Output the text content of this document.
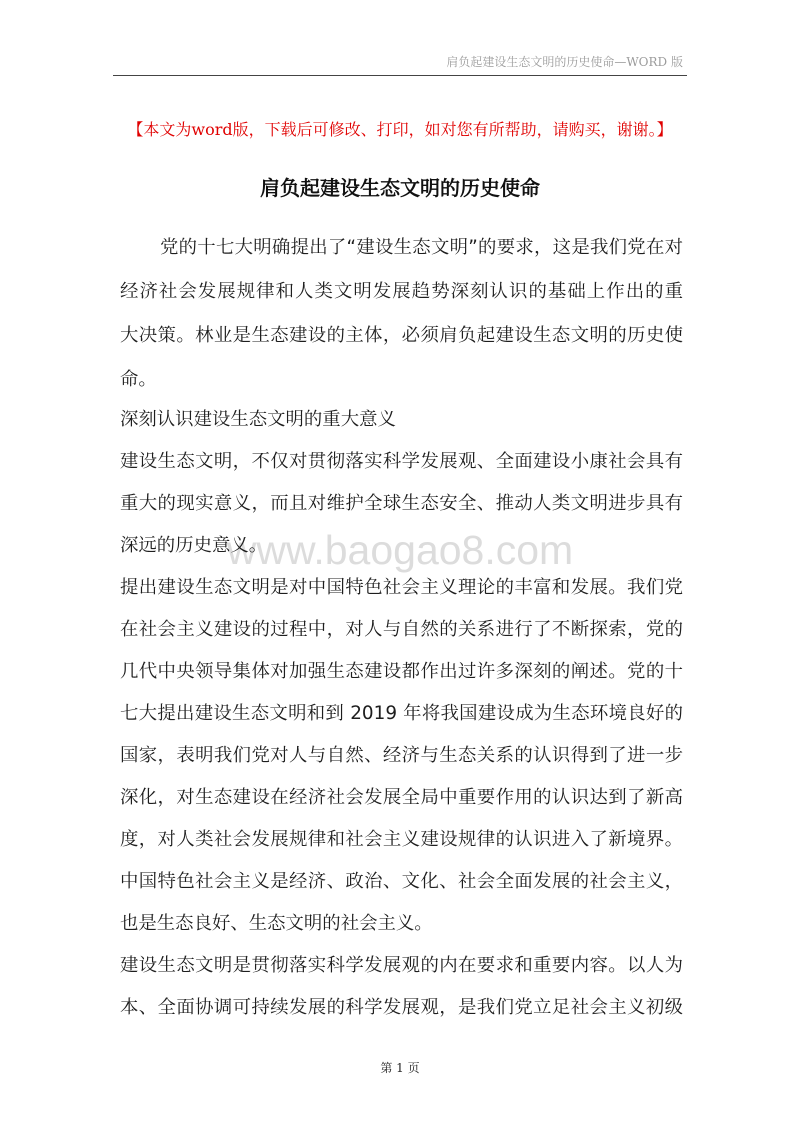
肩负起建设生态文明的历史使命—WORD 版
【本文为word版，下载后可修改、打印，如对您有所帮助，请购买，谢谢。】
肩负起建设生态文明的历史使命
www.baogao8.com
党的十七大明确提出了“建设生态文明”的要求，这是我们党在对
经济社会发展规律和人类文明发展趋势深刻认识的基础上作出的重
大决策。林业是生态建设的主体，必须肩负起建设生态文明的历史使
命。
深刻认识建设生态文明的重大意义
建设生态文明，不仅对贯彻落实科学发展观、全面建设小康社会具有
重大的现实意义，而且对维护全球生态安全、推动人类文明进步具有
深远的历史意义。
提出建设生态文明是对中国特色社会主义理论的丰富和发展。我们党
在社会主义建设的过程中，对人与自然的关系进行了不断探索，党的
几代中央领导集体对加强生态建设都作出过许多深刻的阐述。党的十
七大提出建设生态文明和到 2019 年将我国建设成为生态环境良好的
国家，表明我们党对人与自然、经济与生态关系的认识得到了进一步
深化，对生态建设在经济社会发展全局中重要作用的认识达到了新高
度，对人类社会发展规律和社会主义建设规律的认识进入了新境界。
中国特色社会主义是经济、政治、文化、社会全面发展的社会主义，
也是生态良好、生态文明的社会主义。
建设生态文明是贯彻落实科学发展观的内在要求和重要内容。以人为
本、全面协调可持续发展的科学发展观，是我们党立足社会主义初级
第 1 页
